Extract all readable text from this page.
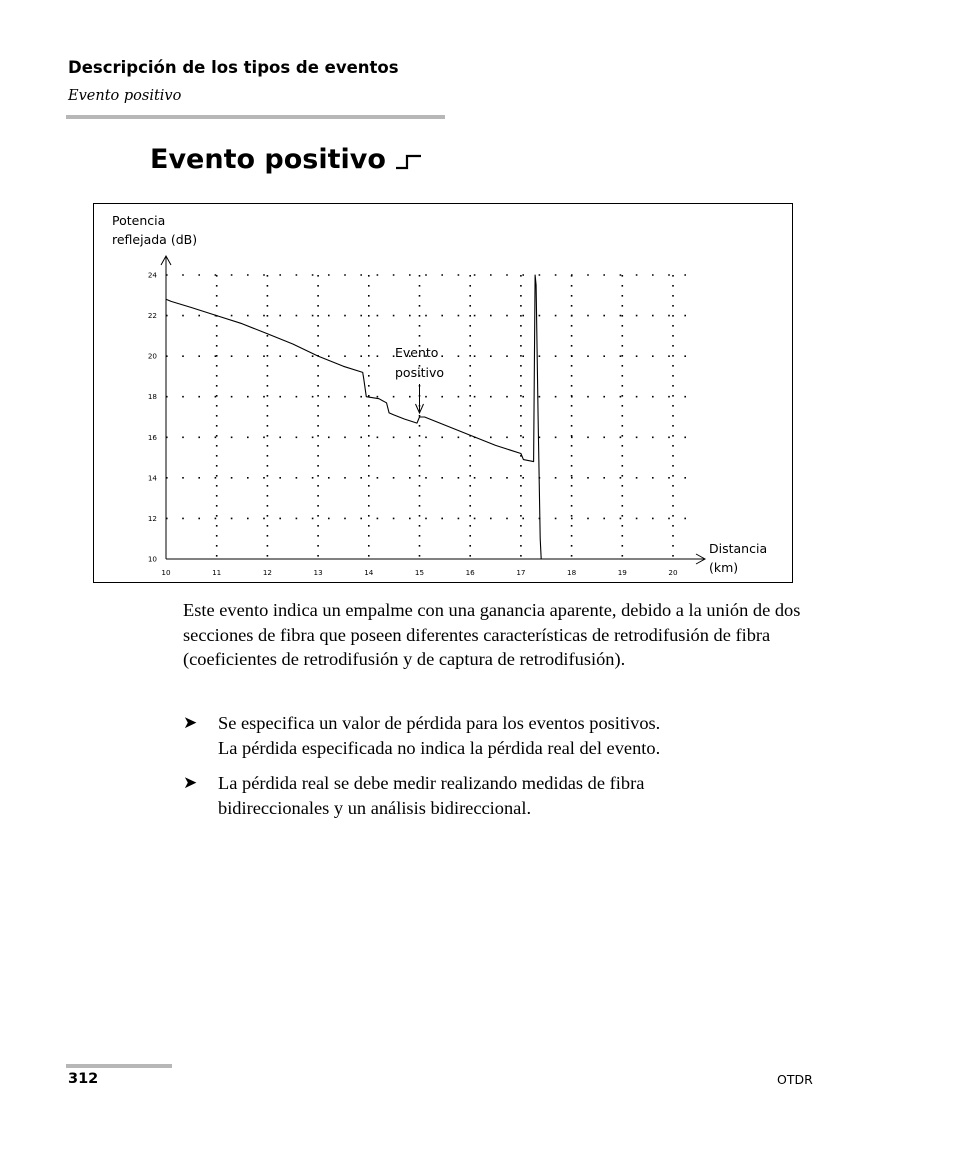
Descripción de los tipos de eventos
Evento positivo
Evento positivo
10	11	12	13	14	15	16	17	18	19	20
10
12
14
16
18
20
22
24
Potencia
reflejada (dB)
Distancia
(km)
Evento
positivo

Este evento indica un empalme con una ganancia aparente, debido a la unión de dos secciones de fibra que poseen diferentes características de retrodifusión de fibra (coeficientes de retrodifusión y de captura de retrodifusión).

➤ Se especifica un valor de pérdida para los eventos positivos.
La pérdida especificada no indica la pérdida real del evento.
➤ La pérdida real se debe medir realizando medidas de fibra
bidireccionales y un análisis bidireccional.
312	OTDR
